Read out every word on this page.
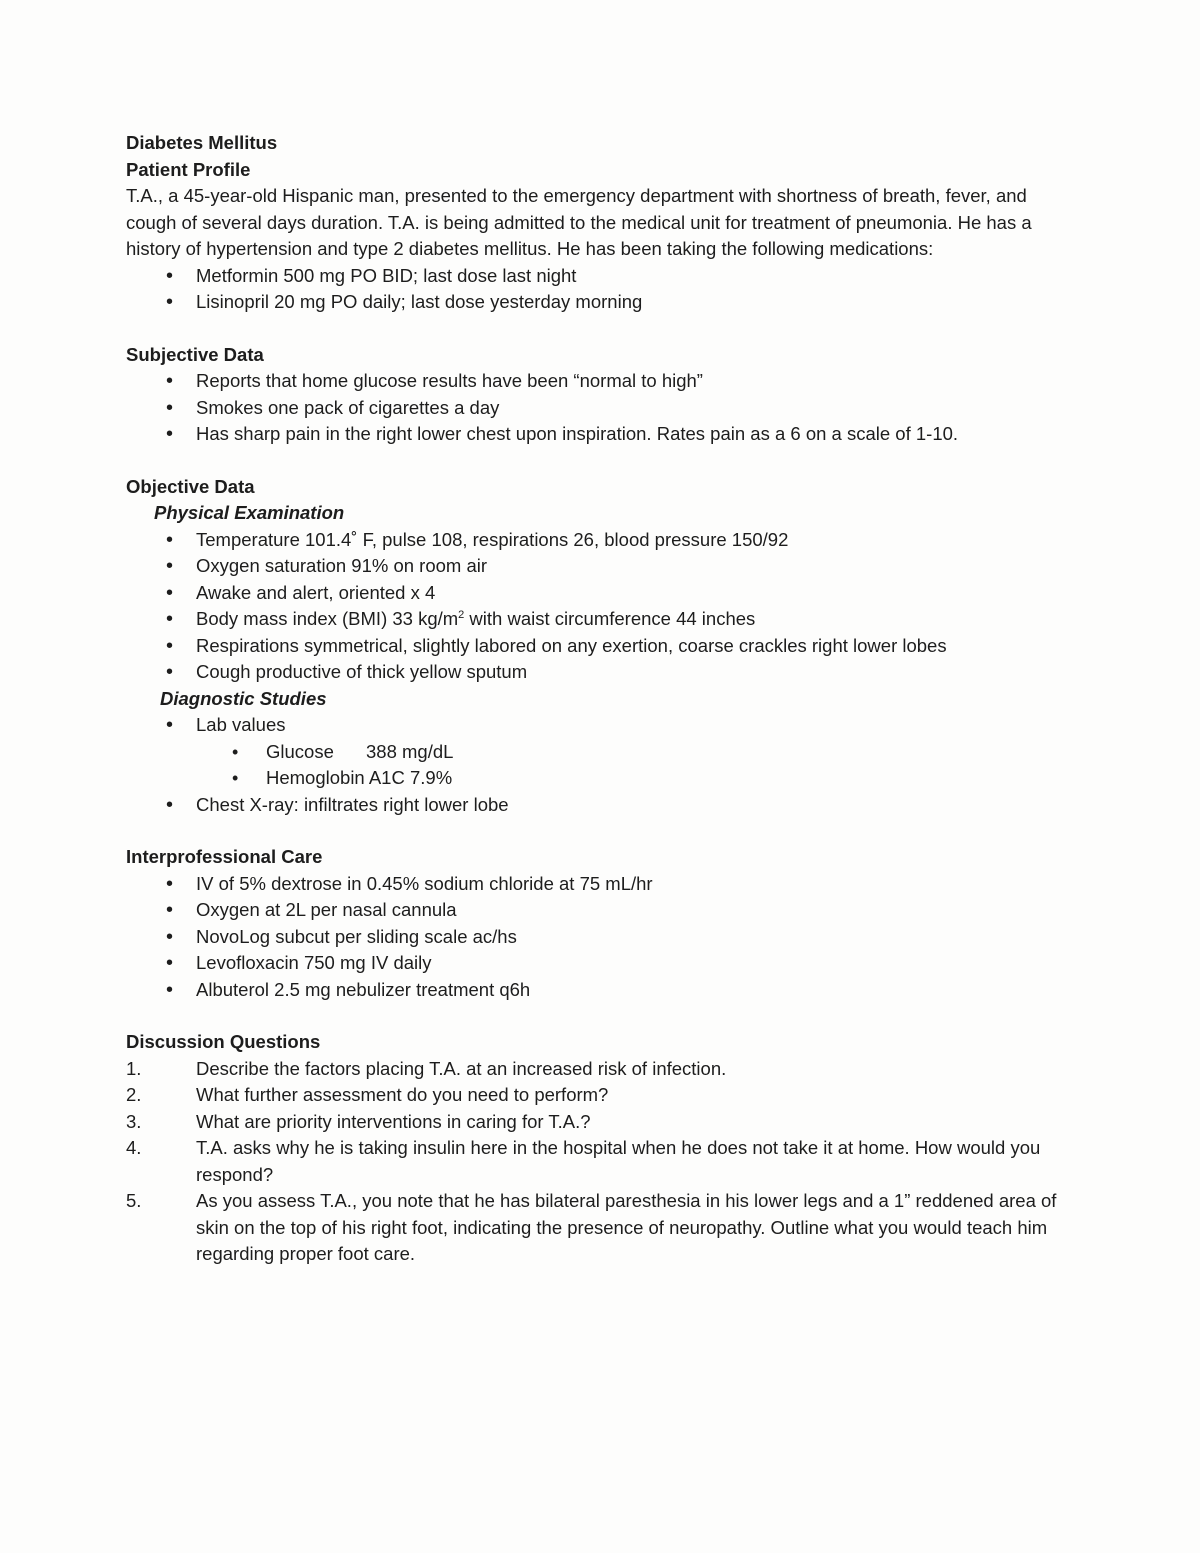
Diabetes Mellitus

Patient Profile

T.A., a 45-year-old Hispanic man, presented to the emergency department with shortness of breath, fever, and cough of several days duration. T.A. is being admitted to the medical unit for treatment of pneumonia. He has a history of hypertension and type 2 diabetes mellitus. He has been taking the following medications:

• Metformin 500 mg PO BID; last dose last night
• Lisinopril 20 mg PO daily; last dose yesterday morning

Subjective Data

• Reports that home glucose results have been “normal to high”
• Smokes one pack of cigarettes a day
• Has sharp pain in the right lower chest upon inspiration. Rates pain as a 6 on a scale of 1-10.

Objective Data

Physical Examination

• Temperature 101.4˚ F, pulse 108, respirations 26, blood pressure 150/92
• Oxygen saturation 91% on room air
• Awake and alert, oriented x 4
• Body mass index (BMI) 33 $kg/m^2$ with waist circumference 44 inches
• Respirations symmetrical, slightly labored on any exertion, coarse crackles right lower lobes
• Cough productive of thick yellow sputum

Diagnostic Studies

• Lab values
• Glucose 388 mg/dL
• Hemoglobin A1C 7.9%
• Chest X-ray: infiltrates right lower lobe

Interprofessional Care

• IV of 5% dextrose in 0.45% sodium chloride at 75 mL/hr
• Oxygen at 2L per nasal cannula
• NovoLog subcut per sliding scale ac/hs
• Levofloxacin 750 mg IV daily
• Albuterol 2.5 mg nebulizer treatment q6h

Discussion Questions

1.	Describe the factors placing T.A. at an increased risk of infection.
2.	What further assessment do you need to perform?
3.	What are priority interventions in caring for T.A.?
4.	T.A. asks why he is taking insulin here in the hospital when he does not take it at home. How would you respond?
5.	As you assess T.A., you note that he has bilateral paresthesia in his lower legs and a 1” reddened area of skin on the top of his right foot, indicating the presence of neuropathy. Outline what you would teach him regarding proper foot care.
